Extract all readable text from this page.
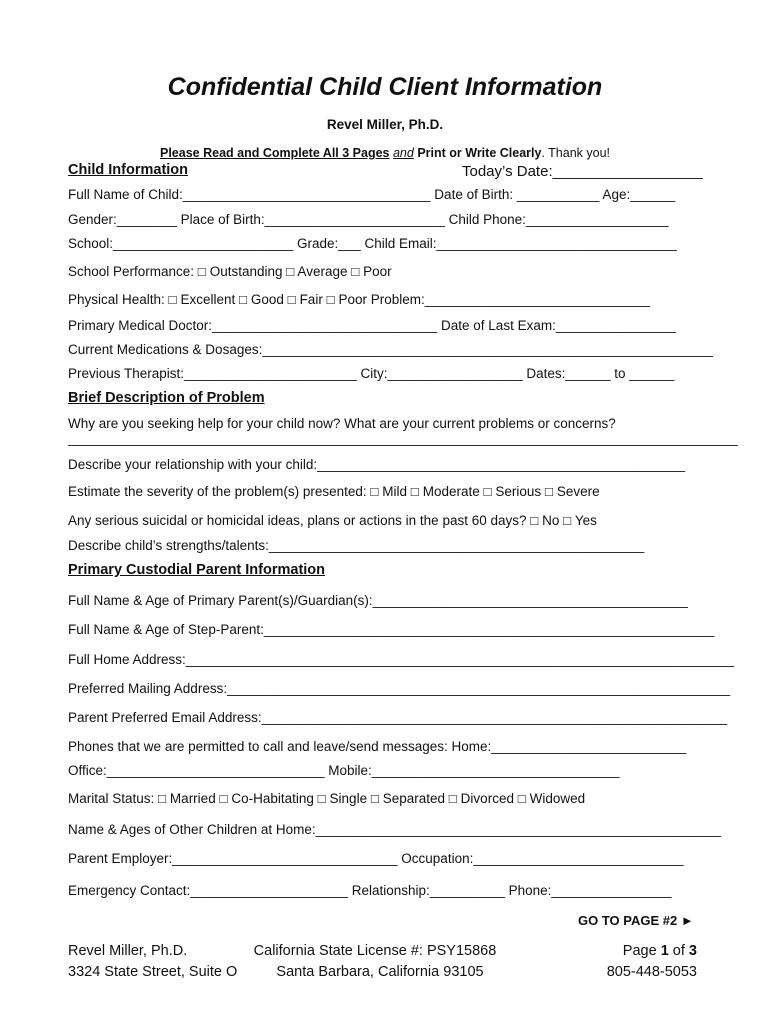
Confidential Child Client Information
Revel Miller, Ph.D.
Please Read and Complete All 3 Pages and Print or Write Clearly. Thank you!
Child Information	Today’s Date:__________________
Full Name of Child:_________________________________ Date of Birth: ___________ Age:______
Gender:________ Place of Birth:________________________ Child Phone:___________________
School:________________________ Grade:___ Child Email:________________________________
School Performance: □ Outstanding □ Average □ Poor
Physical Health: □ Excellent □ Good □ Fair □ Poor Problem:______________________________
Primary Medical Doctor:______________________________ Date of Last Exam:________________
Current Medications & Dosages:____________________________________________________________
Previous Therapist:_______________________ City:__________________ Dates:______ to ______
Brief Description of Problem
Why are you seeking help for your child now? What are your current problems or concerns?
___________________________________________________________________________________________
Describe your relationship with your child:_________________________________________________
Estimate the severity of the problem(s) presented: □ Mild □ Moderate □ Serious □ Severe
Any serious suicidal or homicidal ideas, plans or actions in the past 60 days? □ No □ Yes
Describe child’s strengths/talents:__________________________________________________
Primary Custodial Parent Information
Full Name & Age of Primary Parent(s)/Guardian(s):__________________________________________
Full Name & Age of Step-Parent:____________________________________________________________
Full Home Address:_________________________________________________________________________
Preferred Mailing Address:___________________________________________________________________
Parent Preferred Email Address:______________________________________________________________
Phones that we are permitted to call and leave/send messages: Home:__________________________
Office:_____________________________ Mobile:_________________________________
Marital Status: □ Married □ Co-Habitating □ Single □ Separated □ Divorced □ Widowed
Name & Ages of Other Children at Home:______________________________________________________
Parent Employer:______________________________ Occupation:____________________________
Emergency Contact:_____________________ Relationship:__________ Phone:________________
GO TO PAGE #2 ►
Revel Miller, Ph.D.
3324 State Street, Suite O
California State License #: PSY15868
Santa Barbara, California 93105
Page 1 of 3
805-448-5053
